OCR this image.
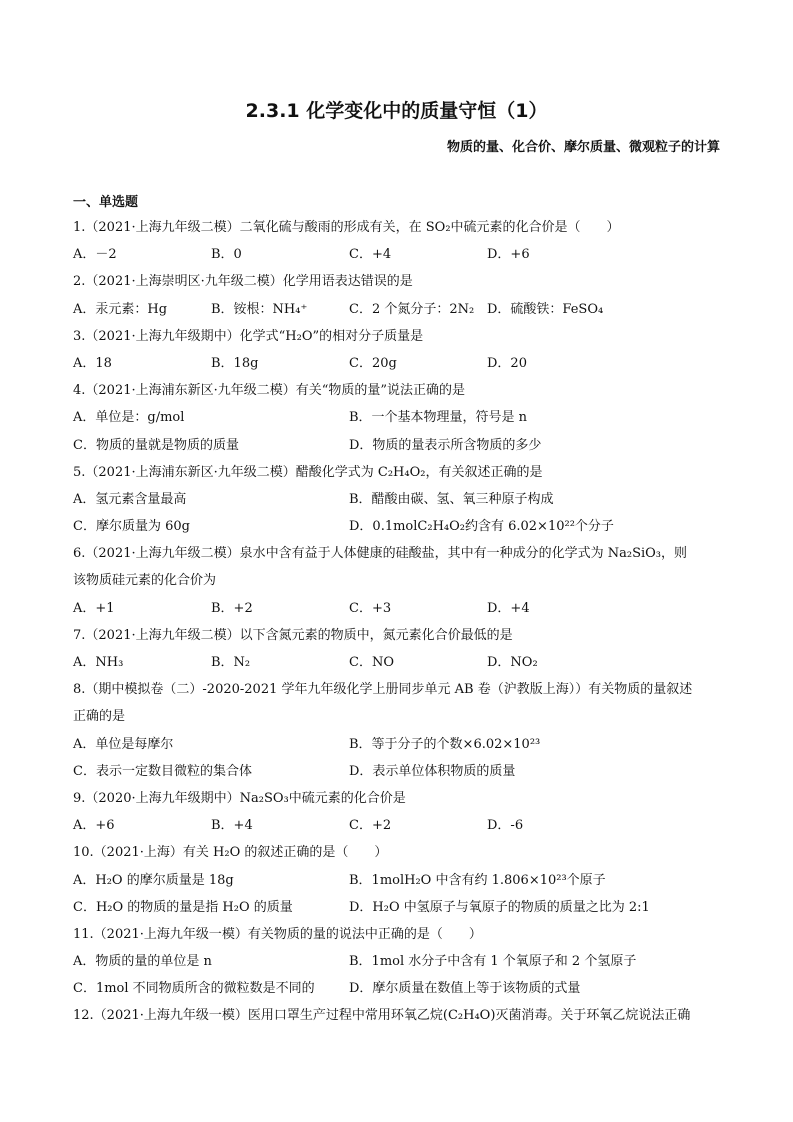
2.3.1 化学变化中的质量守恒（1）
物质的量、化合价、摩尔质量、微观粒子的计算
一、单选题
1.（2021·上海九年级二模）二氧化硫与酸雨的形成有关，在 SO₂中硫元素的化合价是（　　）
A．－2	B．0	C．+4	D．+6
2.（2021·上海崇明区·九年级二模）化学用语表达错误的是
A．汞元素：Hg	B．铵根：NH₄⁺	C．2 个氮分子：2N₂ D．硫酸铁：FeSO₄
3.（2021·上海九年级期中）化学式“H₂O”的相对分子质量是
A．18	B．18g	C．20g	D．20
4.（2021·上海浦东新区·九年级二模）有关“物质的量”说法正确的是
A．单位是：g/mol	B．一个基本物理量，符号是 n
C．物质的量就是物质的质量	D．物质的量表示所含物质的多少
5.（2021·上海浦东新区·九年级二模）醋酸化学式为 C₂H₄O₂，有关叙述正确的是
A．氢元素含量最高	B．醋酸由碳、氢、氧三种原子构成
C．摩尔质量为 60g	D．0.1molC₂H₄O₂约含有 6.02×10²²个分子
6.（2021·上海九年级二模）泉水中含有益于人体健康的硅酸盐，其中有一种成分的化学式为 Na₂SiO₃，则
该物质硅元素的化合价为
A．+1	B．+2	C．+3	D．+4
7.（2021·上海九年级二模）以下含氮元素的物质中，氮元素化合价最低的是
A．NH₃	B．N₂	C．NO	D．NO₂
8.（期中模拟卷（二）-2020-2021 学年九年级化学上册同步单元 AB 卷（沪教版上海））有关物质的量叙述
正确的是
A．单位是每摩尔	B．等于分子的个数×6.02×10²³
C．表示一定数目微粒的集合体	D．表示单位体积物质的质量
9.（2020·上海九年级期中）Na₂SO₃中硫元素的化合价是
A．+6	B．+4	C．+2	D．-6
10.（2021·上海）有关 H₂O 的叙述正确的是（　　）
A．H₂O 的摩尔质量是 18g	B．1molH₂O 中含有约 1.806×10²³个原子
C．H₂O 的物质的量是指 H₂O 的质量	D．H₂O 中氢原子与氧原子的物质的质量之比为 2:1
11.（2021·上海九年级一模）有关物质的量的说法中正确的是（　　）
A．物质的量的单位是 n	B．1mol 水分子中含有 1 个氧原子和 2 个氢原子
C．1mol 不同物质所含的微粒数是不同的	D．摩尔质量在数值上等于该物质的式量
12.（2021·上海九年级一模）医用口罩生产过程中常用环氧乙烷(C₂H₄O)灭菌消毒。关于环氧乙烷说法正确
